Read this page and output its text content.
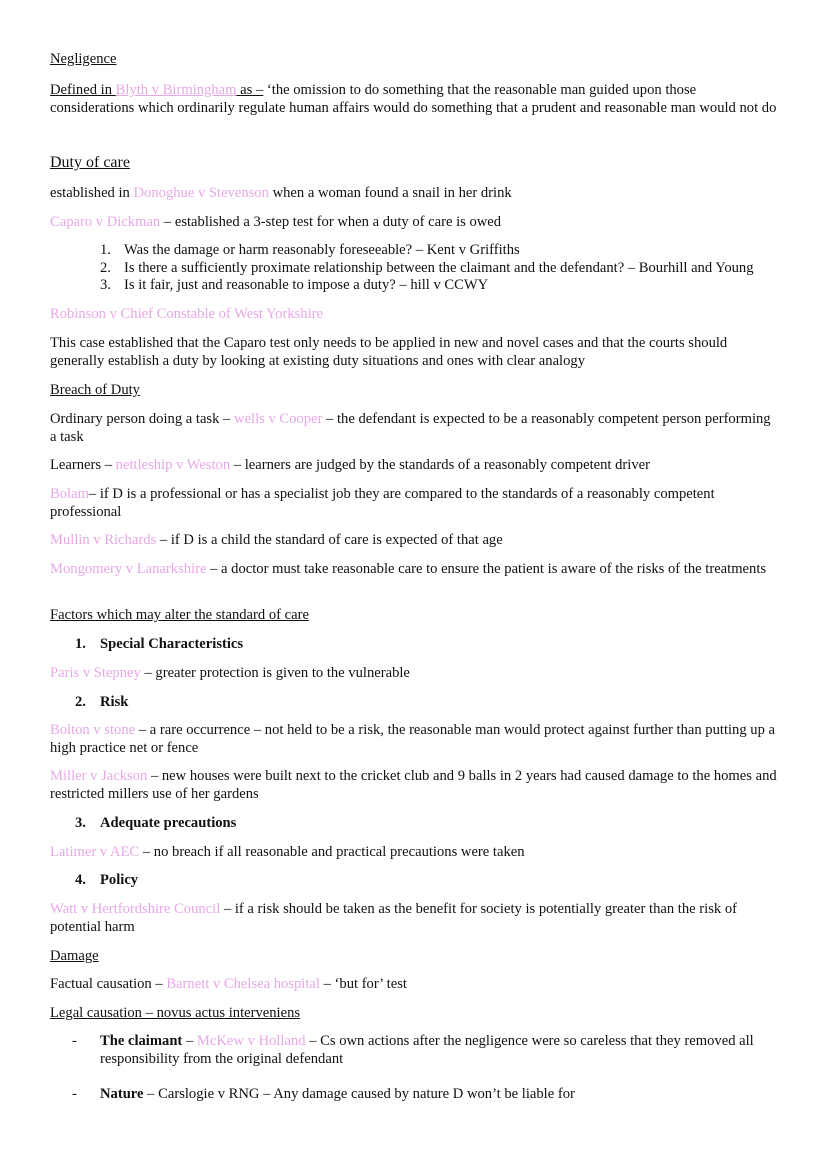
Negligence

Defined in Blyth v Birmingham as – ‘the omission to do something that the reasonable man guided upon those considerations which ordinarily regulate human affairs would do something that a prudent and reasonable man would not do

Duty of care

established in Donoghue v Stevenson when a woman found a snail in her drink
Caparo v Dickman – established a 3-step test for when a duty of care is owed
1. Was the damage or harm reasonably foreseeable? – Kent v Griffiths
2. Is there a sufficiently proximate relationship between the claimant and the defendant? – Bourhill and Young
3. Is it fair, just and reasonable to impose a duty? – hill v CCWY

Robinson v Chief Constable of West Yorkshire

This case established that the Caparo test only needs to be applied in new and novel cases and that the courts should generally establish a duty by looking at existing duty situations and ones with clear analogy

Breach of Duty

Ordinary person doing a task – wells v Cooper – the defendant is expected to be a reasonably competent person performing a task
Learners – nettleship v Weston – learners are judged by the standards of a reasonably competent driver
Bolam– if D is a professional or has a specialist job they are compared to the standards of a reasonably competent professional
Mullin v Richards – if D is a child the standard of care is expected of that age
Mongomery v Lanarkshire – a doctor must take reasonable care to ensure the patient is aware of the risks of the treatments

Factors which may alter the standard of care

1. Special Characteristics
Paris v Stepney – greater protection is given to the vulnerable
2. Risk
Bolton v stone – a rare occurrence – not held to be a risk, the reasonable man would protect against further than putting up a high practice net or fence
Miller v Jackson – new houses were built next to the cricket club and 9 balls in 2 years had caused damage to the homes and restricted millers use of her gardens
3. Adequate precautions
Latimer v AEC – no breach if all reasonable and practical precautions were taken
4. Policy
Watt v Hertfordshire Council – if a risk should be taken as the benefit for society is potentially greater than the risk of potential harm

Damage

Factual causation – Barnett v Chelsea hospital – ‘but for’ test

Legal causation – novus actus interveniens

-	The claimant – McKew v Holland – Cs own actions after the negligence were so careless that they removed all responsibility from the original defendant
-	Nature – Carslogie v RNG – Any damage caused by nature D won’t be liable for
